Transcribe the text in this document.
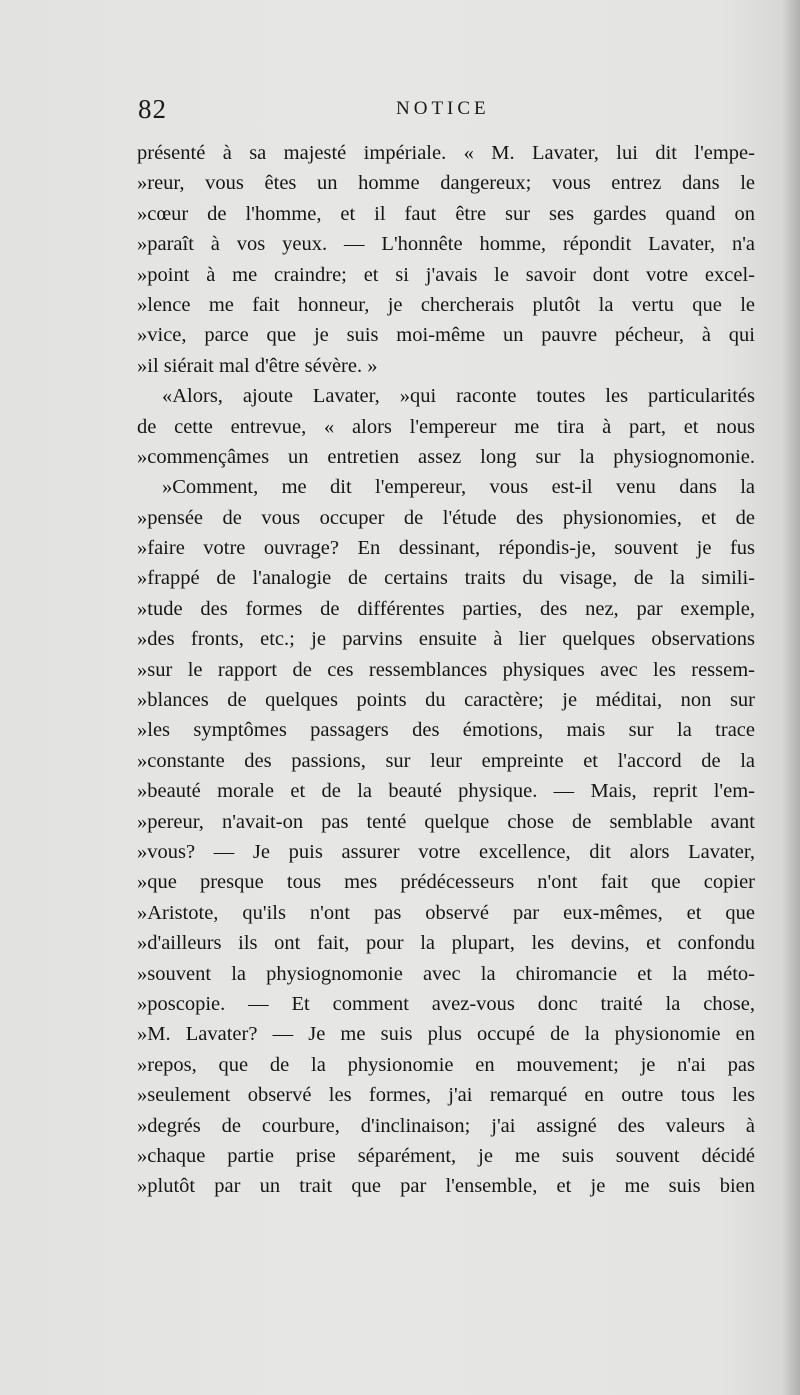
82	NOTICE
présenté à sa majesté impériale. « M. Lavater, lui dit l'empe-
»reur, vous êtes un homme dangereux; vous entrez dans le
»cœur de l'homme, et il faut être sur ses gardes quand on
»paraît à vos yeux. — L'honnête homme, répondit Lavater, n'a
»point à me craindre; et si j'avais le savoir dont votre excel-
»lence me fait honneur, je chercherais plutôt la vertu que le
»vice, parce que je suis moi-même un pauvre pécheur, à qui
»il siérait mal d'être sévère. »
«Alors, ajoute Lavater, »qui raconte toutes les particularités
de cette entrevue, « alors l'empereur me tira à part, et nous
»commençâmes un entretien assez long sur la physiognomonie.
»Comment, me dit l'empereur, vous est-il venu dans la
»pensée de vous occuper de l'étude des physionomies, et de
»faire votre ouvrage? En dessinant, répondis-je, souvent je fus
»frappé de l'analogie de certains traits du visage, de la simili-
»tude des formes de différentes parties, des nez, par exemple,
»des fronts, etc.; je parvins ensuite à lier quelques observations
»sur le rapport de ces ressemblances physiques avec les ressem-
»blances de quelques points du caractère; je méditai, non sur
»les symptômes passagers des émotions, mais sur la trace
»constante des passions, sur leur empreinte et l'accord de la
»beauté morale et de la beauté physique. — Mais, reprit l'em-
»pereur, n'avait-on pas tenté quelque chose de semblable avant
»vous? — Je puis assurer votre excellence, dit alors Lavater,
»que presque tous mes prédécesseurs n'ont fait que copier
»Aristote, qu'ils n'ont pas observé par eux-mêmes, et que
»d'ailleurs ils ont fait, pour la plupart, les devins, et confondu
»souvent la physiognomonie avec la chiromancie et la méto-
»poscopie. — Et comment avez-vous donc traité la chose,
»M. Lavater? — Je me suis plus occupé de la physionomie en
»repos, que de la physionomie en mouvement; je n'ai pas
»seulement observé les formes, j'ai remarqué en outre tous les
»degrés de courbure, d'inclinaison; j'ai assigné des valeurs à
»chaque partie prise séparément, je me suis souvent décidé
»plutôt par un trait que par l'ensemble, et je me suis bien
